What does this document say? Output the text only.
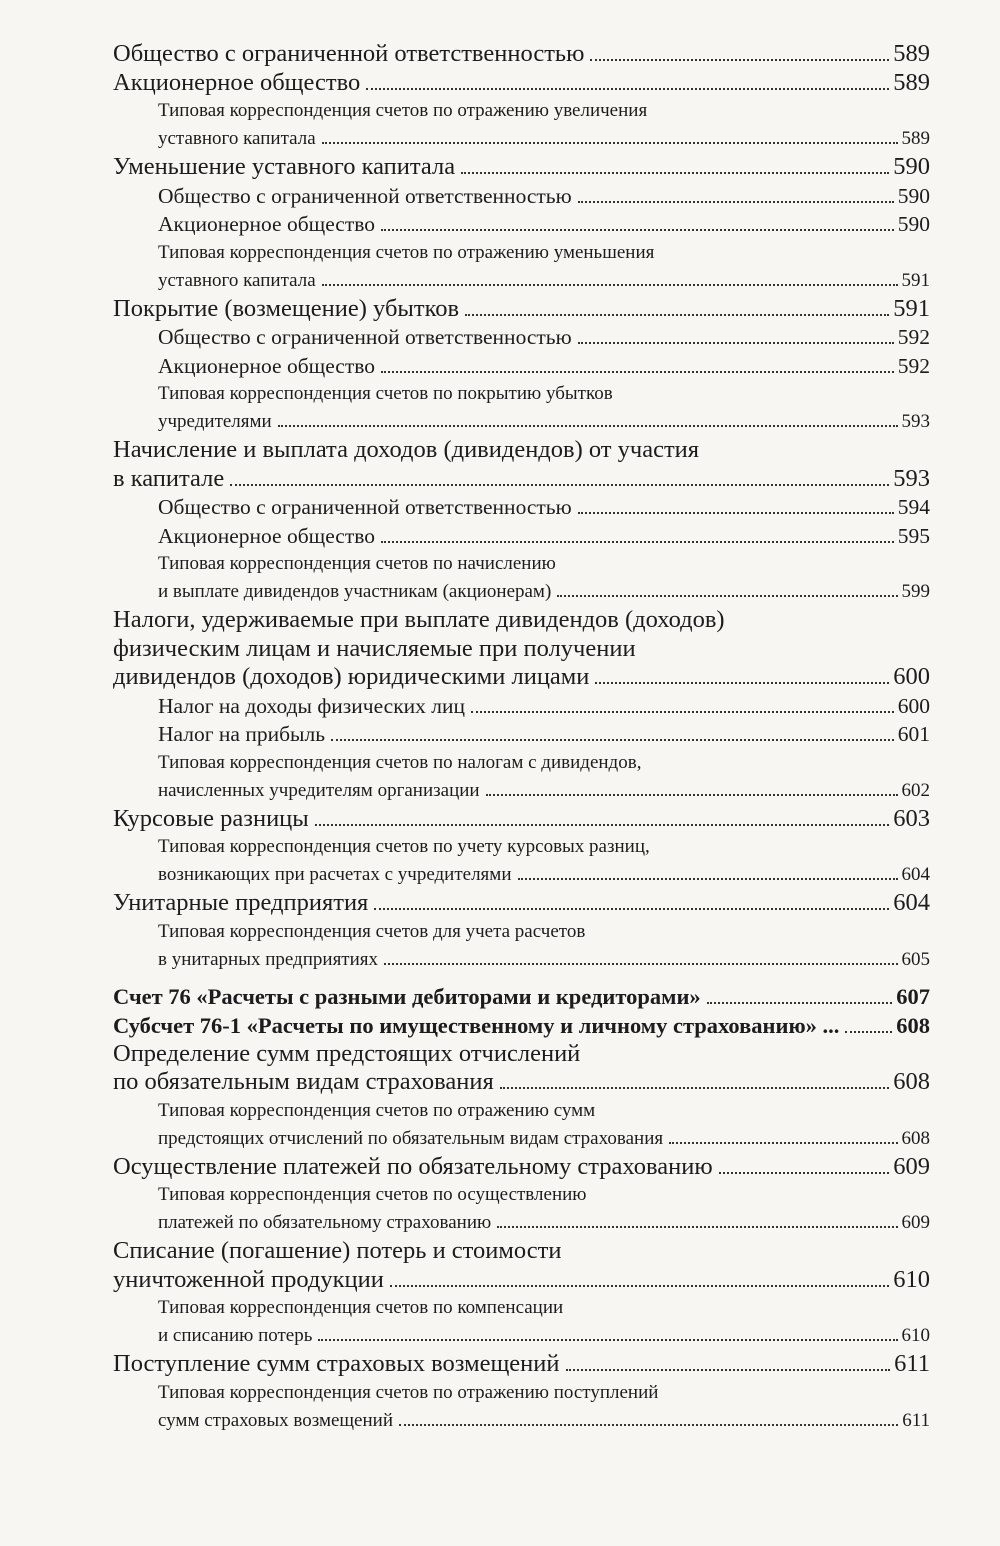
Общество с ограниченной ответственностью	589
Акционерное общество	589
Типовая корреспонденция счетов по отражению увеличения
уставного капитала	589
Уменьшение уставного капитала	590
Общество с ограниченной ответственностью	590
Акционерное общество	590
Типовая корреспонденция счетов по отражению уменьшения
уставного капитала	591
Покрытие (возмещение) убытков	591
Общество с ограниченной ответственностью	592
Акционерное общество	592
Типовая корреспонденция счетов по покрытию убытков
учредителями	593
Начисление и выплата доходов (дивидендов) от участия
в капитале	593
Общество с ограниченной ответственностью	594
Акционерное общество	595
Типовая корреспонденция счетов по начислению
и выплате дивидендов участникам (акционерам)	599
Налоги, удерживаемые при выплате дивидендов (доходов)
физическим лицам и начисляемые при получении
дивидендов (доходов) юридическими лицами	600
Налог на доходы физических лиц	600
Налог на прибыль	601
Типовая корреспонденция счетов по налогам с дивидендов,
начисленных учредителям организации	602
Курсовые разницы	603
Типовая корреспонденция счетов по учету курсовых разниц,
возникающих при расчетах с учредителями	604
Унитарные предприятия	604
Типовая корреспонденция счетов для учета расчетов
в унитарных предприятиях	605
Счет 76 «Расчеты с разными дебиторами и кредиторами»	607
Субсчет 76-1 «Расчеты по имущественному и личному страхованию» ...	608
Определение сумм предстоящих отчислений
по обязательным видам страхования	608
Типовая корреспонденция счетов по отражению сумм
предстоящих отчислений по обязательным видам страхования	608
Осуществление платежей по обязательному страхованию	609
Типовая корреспонденция счетов по осуществлению
платежей по обязательному страхованию	609
Списание (погашение) потерь и стоимости
уничтоженной продукции	610
Типовая корреспонденция счетов по компенсации
и списанию потерь	610
Поступление сумм страховых возмещений	611
Типовая корреспонденция счетов по отражению поступлений
сумм страховых возмещений	611
